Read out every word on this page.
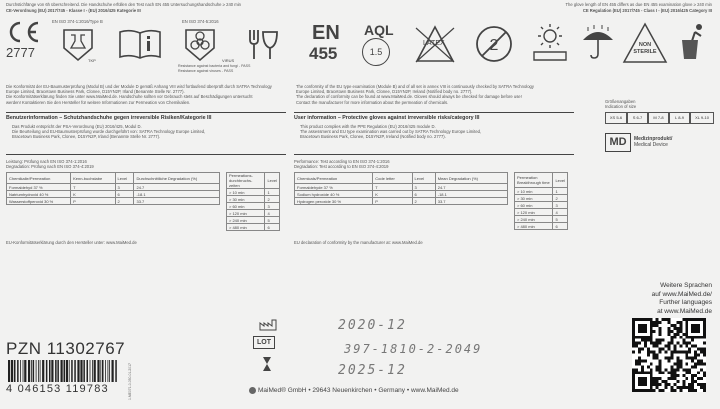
Durchstichfänge von 6h überschreitend. Die Handschuhe erfüllen den Test nach EN 455 Untersuchungshandschuhe ≥ 240 min
CE-Verordnung (EU) 2017/745 - Klasse I - (EU) 2016/425 Kategorie III
The glove length of EN 455 differs as due EN 455 examination glove ≥ 240 min
CE Regulation (EU) 2017/745 - Class I - (EU) 2016/425 Category III
2777
EN ISO 374-1:2016/Type B
TKP
EN ISO 374-5:2016
VIRUS
Resistance against bacteria and fungi - PASS
Resistance against viruses - PASS
EN
455
AQL
1.5
LATEX	2	NON
STERILE
Die Konformität der EU-Baumusterprüfung (Modul B) und der Module D gemäß Anhang VIII wird fortlaufend überprüft durch SATRA Technology
Europe Limited, Bracetown Business Park, Clonee, D15YN2P, Irland (Benannte Stelle Nr. 2777).
Die Konformitätserklärung finden Sie unter www.MaiMed.de. Handschuhe sollten vor Gebrauch stets auf Beschädigungen untersucht
werden! Kontaktieren Sie den Hersteller für weitere Informationen zur Permeation von Chemikalien.
The conformity of the EU type examination (Module B) and of all set in annex VIII is continuously checked by SATRA Technology
Europe Limited, Bracetown Business Park, Clonee, D15YN2P, Ireland (Notified body no. 2777).
The declaration of conformity can be found at www.MaiMed.de. Gloves should always be checked for damage before use!
Contact the manufacturer for more information about the permeation of chemicals.	Größenangaben
Indication of size
XS 5-6	S 6-7	M 7-8	L 8-9	XL 9-10
MD	Medizinprodukt/
Medical Device
Benutzerinformation – Schutzhandschuhe gegen irreversible Risiken/Kategorie III	User information – Protective gloves against irreversible risks/category III
Das Produkt entspricht der PSA-Verordnung (EU) 2016/425, Modul D.
Die Beurteilung und EU-Baumusterprüfung wurde durchgeführt von: SATRA Technology Europe Limited,
Bracetown Business Park, Clonee, D15YN2P, Irland (Benannte Stelle Nr. 2777).
This product complies with the PPE Regulation (EU) 2016/425 module D.
The assessment and EU type examination was carried out by SATRA Technology Europe Limited,
Bracetown Business Park, Clonee, D15YN2P, Ireland (Notified body no. 2777).
Leistung: Prüfung nach EN ISO 374-1:2016
Degradation: Prüfung nach EN ISO 374-4:2019
Performance: Test according to EN ISO 374-1:2016
Degradation: Test according to EN ISO 374-4:2019
Chemikalie/Permeation	Kenn-buchstabe	Level	Durchschnittliche Degradation (%)
Formaldehyd 37 %	T	3	24.7
Natriumhydroxid 40 %	K	6	-18.1
Wasserstoffperoxid 30 %	P	2	33.7
Permeations-durchbruchs-zeiten	Level
> 10 min	1
> 30 min	2
> 60 min	3
> 120 min	4
> 240 min	5
> 480 min	6
Chemicals/Permeation	Code letter	Level	Mean Degradation (%)
Formaldehyde 37 %	T	3	24.7
Sodium hydroxide 40 %	K	6	-18.1
Hydrogen peroxide 30 %	P	2	33.7
Permeation Breakthrough time	Level
> 10 min	1
> 30 min	2
> 60 min	3
> 120 min	4
> 240 min	5
> 480 min	6
EU-Konformitätserklärung durch den Hersteller unter: www.MaiMed.de	EU declaration of conformity by the manufacturer at: www.MaiMed.de
LOT
2020-12
397-1810-2-2049
2025-12
PZN 11302767
4 046153 119783	1.ME071-0-050-01-2017
Weitere Sprachen
auf www.MaiMed.de/
Further languages
at www.MaiMed.de
MaiMed® GmbH • 29643 Neuenkirchen • Germany • www.MaiMed.de
